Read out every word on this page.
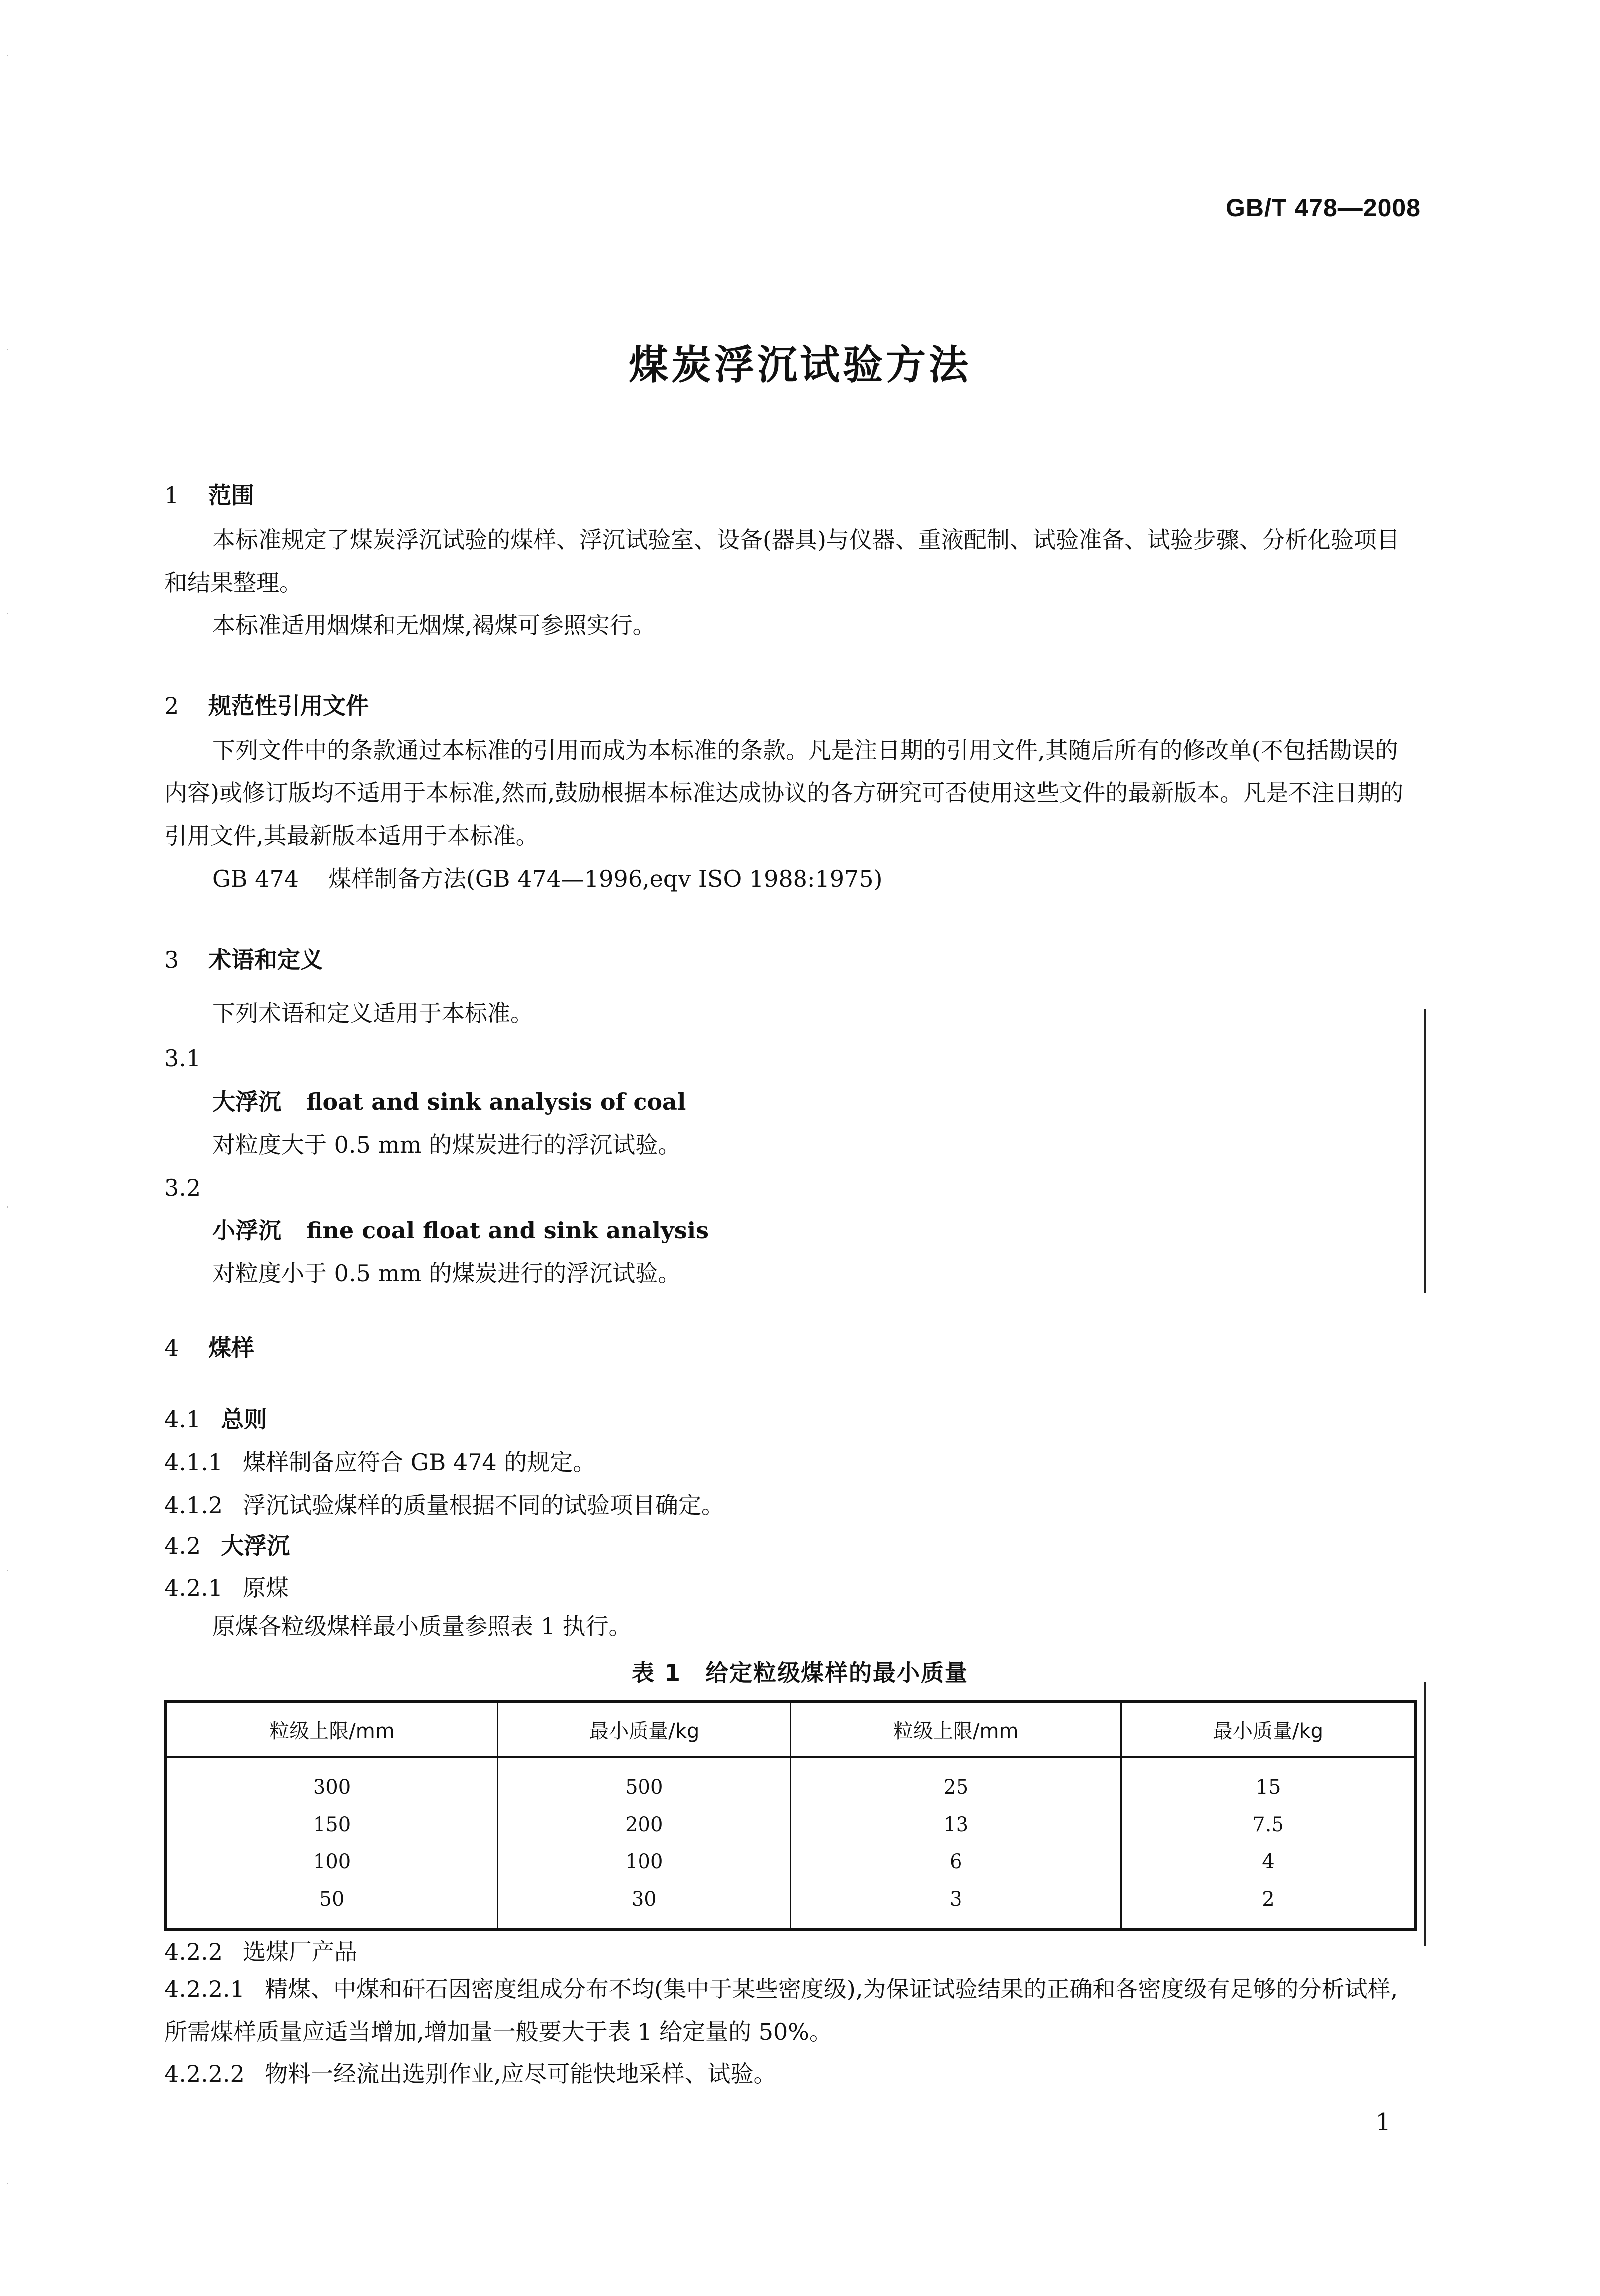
GB/T 478—2008
煤炭浮沉试验方法
1 范围
本标准规定了煤炭浮沉试验的煤样、浮沉试验室、设备(器具)与仪器、重液配制、试验准备、试验步骤、分析化验项目和结果整理。
本标准适用烟煤和无烟煤,褐煤可参照实行。
2 规范性引用文件
下列文件中的条款通过本标准的引用而成为本标准的条款。凡是注日期的引用文件,其随后所有的修改单(不包括勘误的内容)或修订版均不适用于本标准,然而,鼓励根据本标准达成协议的各方研究可否使用这些文件的最新版本。凡是不注日期的引用文件,其最新版本适用于本标准。
GB 474 煤样制备方法(GB 474—1996,eqv ISO 1988:1975)
3 术语和定义
下列术语和定义适用于本标准。
3.1
大浮沉 float and sink analysis of coal
对粒度大于 0.5 mm 的煤炭进行的浮沉试验。
3.2
小浮沉 fine coal float and sink analysis
对粒度小于 0.5 mm 的煤炭进行的浮沉试验。
4 煤样
4.1 总则
4.1.1 煤样制备应符合 GB 474 的规定。
4.1.2 浮沉试验煤样的质量根据不同的试验项目确定。
4.2 大浮沉
4.2.1 原煤
原煤各粒级煤样最小质量参照表 1 执行。
表 1　给定粒级煤样的最小质量
粒级上限/mm	最小质量/kg	粒级上限/mm	最小质量/kg
300	500	25	15
150	200	13	7.5
100	100	6	4
50	30	3	2
4.2.2 选煤厂产品
4.2.2.1 精煤、中煤和矸石因密度组成分布不均(集中于某些密度级),为保证试验结果的正确和各密度级有足够的分析试样,所需煤样质量应适当增加,增加量一般要大于表 1 给定量的 50%。
4.2.2.2 物料一经流出选别作业,应尽可能快地采样、试验。
1
